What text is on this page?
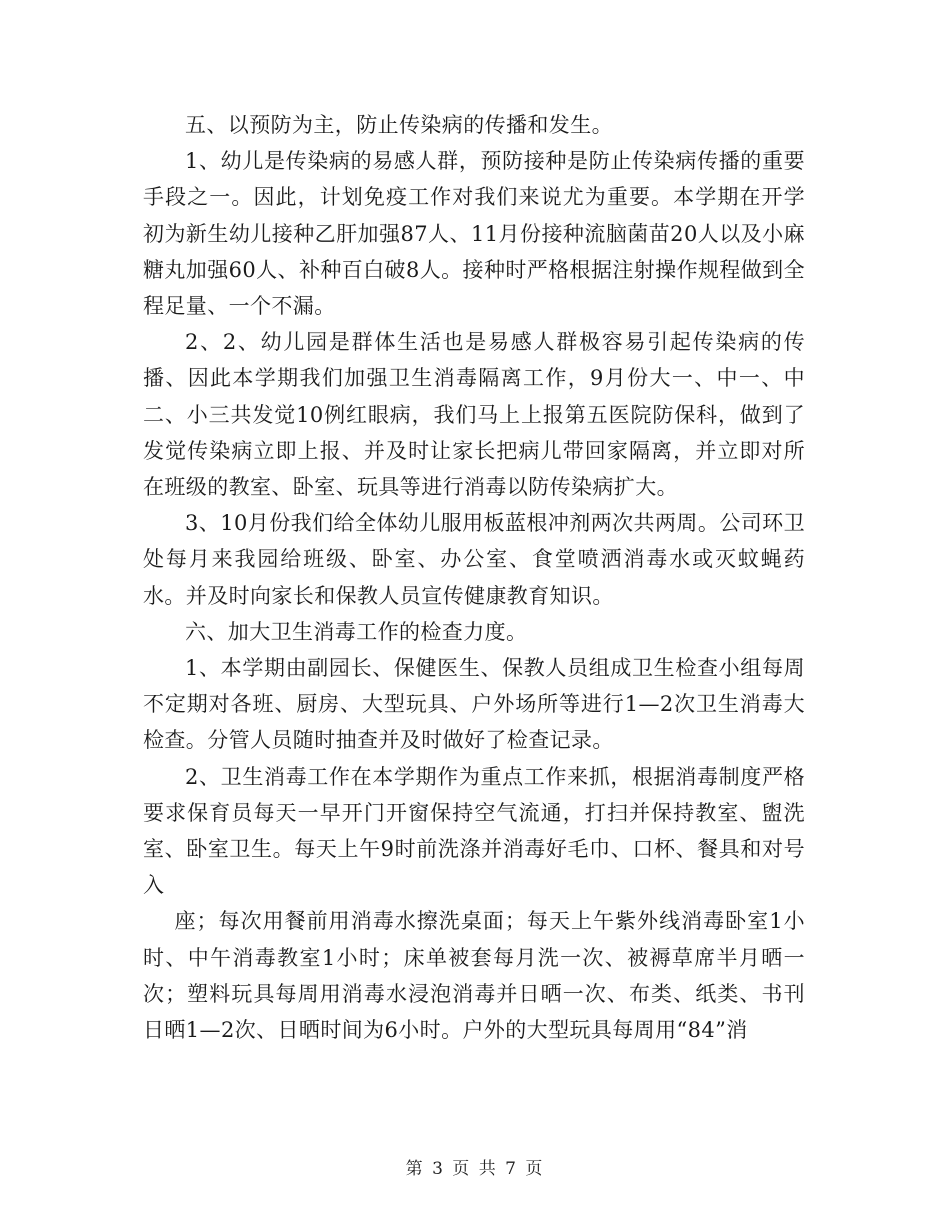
五、以预防为主，防止传染病的传播和发生。

1、幼儿是传染病的易感人群，预防接种是防止传染病传播的重要手段之一。因此，计划免疫工作对我们来说尤为重要。本学期在开学初为新生幼儿接种乙肝加强87人、11月份接种流脑菌苗20人以及小麻糖丸加强60人、补种百白破8人。接种时严格根据注射操作规程做到全程足量、一个不漏。

2、2、幼儿园是群体生活也是易感人群极容易引起传染病的传播、因此本学期我们加强卫生消毒隔离工作，9月份大一、中一、中二、小三共发觉10例红眼病，我们马上上报第五医院防保科，做到了发觉传染病立即上报、并及时让家长把病儿带回家隔离，并立即对所在班级的教室、卧室、玩具等进行消毒以防传染病扩大。

3、10月份我们给全体幼儿服用板蓝根冲剂两次共两周。公司环卫处每月来我园给班级、卧室、办公室、食堂喷洒消毒水或灭蚊蝇药水。并及时向家长和保教人员宣传健康教育知识。

六、加大卫生消毒工作的检查力度。

1、本学期由副园长、保健医生、保教人员组成卫生检查小组每周不定期对各班、厨房、大型玩具、户外场所等进行1—2次卫生消毒大检查。分管人员随时抽查并及时做好了检查记录。

2、卫生消毒工作在本学期作为重点工作来抓，根据消毒制度严格要求保育员每天一早开门开窗保持空气流通，打扫并保持教室、盥洗室、卧室卫生。每天上午9时前洗涤并消毒好毛巾、口杯、餐具和对号入

座；每次用餐前用消毒水擦洗桌面；每天上午紫外线消毒卧室1小时、中午消毒教室1小时；床单被套每月洗一次、被褥草席半月晒一次；塑料玩具每周用消毒水浸泡消毒并日晒一次、布类、纸类、书刊日晒1—2次、日晒时间为6小时。户外的大型玩具每周用“84”消

第 3 页 共 7 页
